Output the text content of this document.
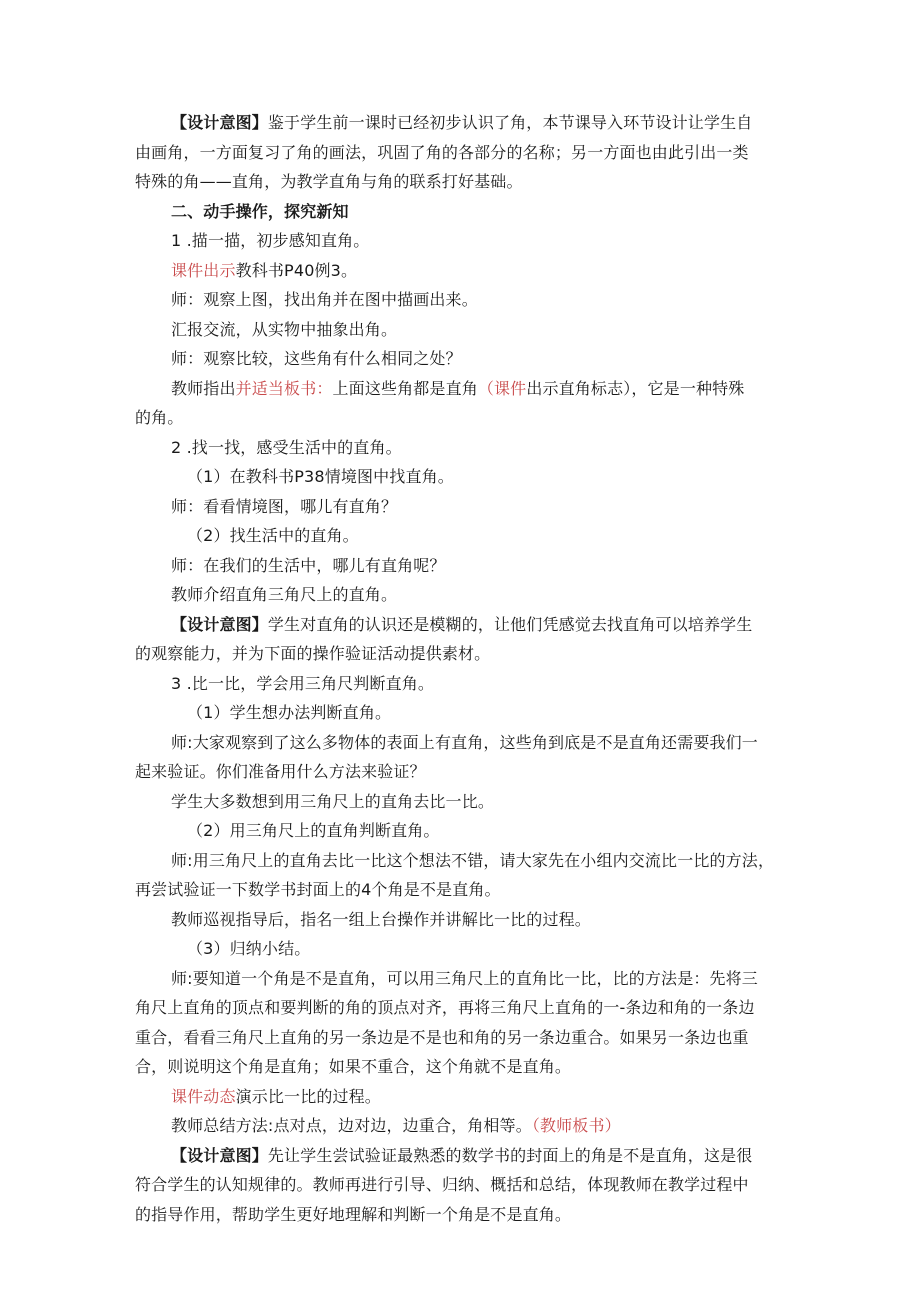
【设计意图】鉴于学生前一课时已经初步认识了角，本节课导入环节设计让学生自
由画角，一方面复习了角的画法，巩固了角的各部分的名称；另一方面也由此引出一类
特殊的角——直角，为教学直角与角的联系打好基础。
二、动手操作，探究新知
1 .描一描，初步感知直角。
课件出示教科书P40例3。
师：观察上图，找出角并在图中描画出来。
汇报交流，从实物中抽象出角。
师：观察比较，这些角有什么相同之处？
教师指出并适当板书：上面这些角都是直角（课件出示直角标志），它是一种特殊
的角。
2 .找一找，感受生活中的直角。
（1）在教科书P38情境图中找直角。
师：看看情境图，哪儿有直角？
（2）找生活中的直角。
师：在我们的生活中，哪儿有直角呢？
教师介绍直角三角尺上的直角。
【设计意图】学生对直角的认识还是模糊的，让他们凭感觉去找直角可以培养学生
的观察能力，并为下面的操作验证活动提供素材。
3 .比一比，学会用三角尺判断直角。
（1）学生想办法判断直角。
师:大家观察到了这么多物体的表面上有直角，这些角到底是不是直角还需要我们一
起来验证。你们准备用什么方法来验证？
学生大多数想到用三角尺上的直角去比一比。
（2）用三角尺上的直角判断直角。
师:用三角尺上的直角去比一比这个想法不错，请大家先在小组内交流比一比的方法，
再尝试验证一下数学书封面上的4个角是不是直角。
教师巡视指导后，指名一组上台操作并讲解比一比的过程。
（3）归纳小结。
师:要知道一个角是不是直角，可以用三角尺上的直角比一比，比的方法是：先将三
角尺上直角的顶点和要判断的角的顶点对齐，再将三角尺上直角的一-条边和角的一条边
重合，看看三角尺上直角的另一条边是不是也和角的另一条边重合。如果另一条边也重
合，则说明这个角是直角；如果不重合，这个角就不是直角。
课件动态演示比一比的过程。
教师总结方法:点对点，边对边，边重合，角相等。（教师板书）
【设计意图】先让学生尝试验证最熟悉的数学书的封面上的角是不是直角，这是很
符合学生的认知规律的。教师再进行引导、归纳、概括和总结，体现教师在教学过程中
的指导作用，帮助学生更好地理解和判断一个角是不是直角。
